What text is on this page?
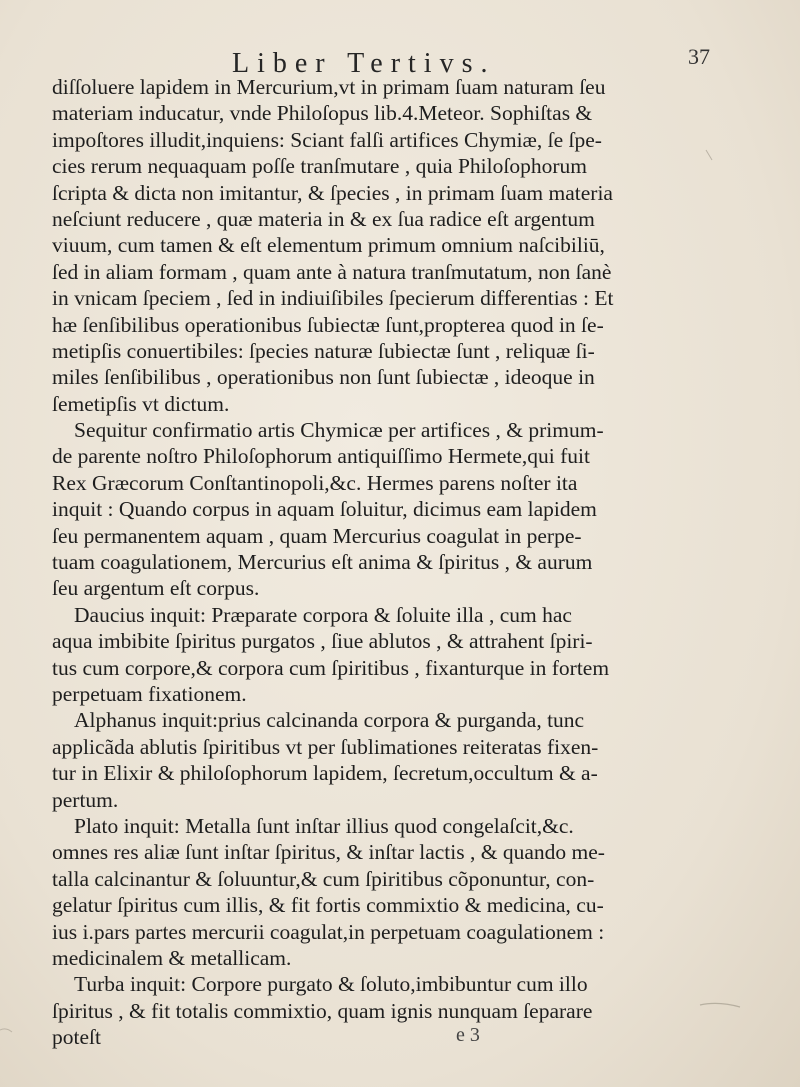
Liber Tertivs.	37
diſſoluere lapidem in Mercurium,vt in primam ſuam naturam ſeu
materiam inducatur, vnde Philoſopus lib.4.Meteor. Sophiſtas &
impoſtores illudit,inquiens: Sciant falſi artifices Chymiæ, ſe ſpe-
cies rerum nequaquam poſſe tranſmutare , quia Philoſophorum
ſcripta & dicta non imitantur, & ſpecies , in primam ſuam materia
neſciunt reducere , quæ materia in & ex ſua radice eſt argentum
viuum, cum tamen & eſt elementum primum omnium naſcibiliū,
ſed in aliam formam , quam ante à natura tranſmutatum, non ſanè
in vnicam ſpeciem , ſed in indiuiſibiles ſpecierum differentias : Et
hæ ſenſibilibus operationibus ſubiectæ ſunt,propterea quod in ſe-
metipſis conuertibiles: ſpecies naturæ ſubiectæ ſunt , reliquæ ſi-
miles ſenſibilibus , operationibus non ſunt ſubiectæ , ideoque in
ſemetipſis vt dictum.
Sequitur confirmatio artis Chymicæ per artifices , & primum-
de parente noſtro Philoſophorum antiquiſſimo Hermete,qui fuit
Rex Græcorum Conſtantinopoli,&c. Hermes parens noſter ita
inquit : Quando corpus in aquam ſoluitur, dicimus eam lapidem
ſeu permanentem aquam , quam Mercurius coagulat in perpe-
tuam coagulationem, Mercurius eſt anima & ſpiritus , & aurum
ſeu argentum eſt corpus.
Daucius inquit: Præparate corpora & ſoluite illa , cum hac
aqua imbibite ſpiritus purgatos , ſiue ablutos , & attrahent ſpiri-
tus cum corpore,& corpora cum ſpiritibus , fixanturque in fortem
perpetuam fixationem.
Alphanus inquit:prius calcinanda corpora & purganda, tunc
applicãda ablutis ſpiritibus vt per ſublimationes reiteratas fixen-
tur in Elixir & philoſophorum lapidem, ſecretum,occultum & a-
pertum.
Plato inquit: Metalla ſunt inſtar illius quod congelaſcit,&c.
omnes res aliæ ſunt inſtar ſpiritus, & inſtar lactis , & quando me-
talla calcinantur & ſoluuntur,& cum ſpiritibus cõponuntur, con-
gelatur ſpiritus cum illis, & fit fortis commixtio & medicina, cu-
ius i.pars partes mercurii coagulat,in perpetuam coagulationem :
medicinalem & metallicam.
Turba inquit: Corpore purgato & ſoluto,imbibuntur cum illo
ſpiritus , & fit totalis commixtio, quam ignis nunquam ſeparare
poteſt	e 3
